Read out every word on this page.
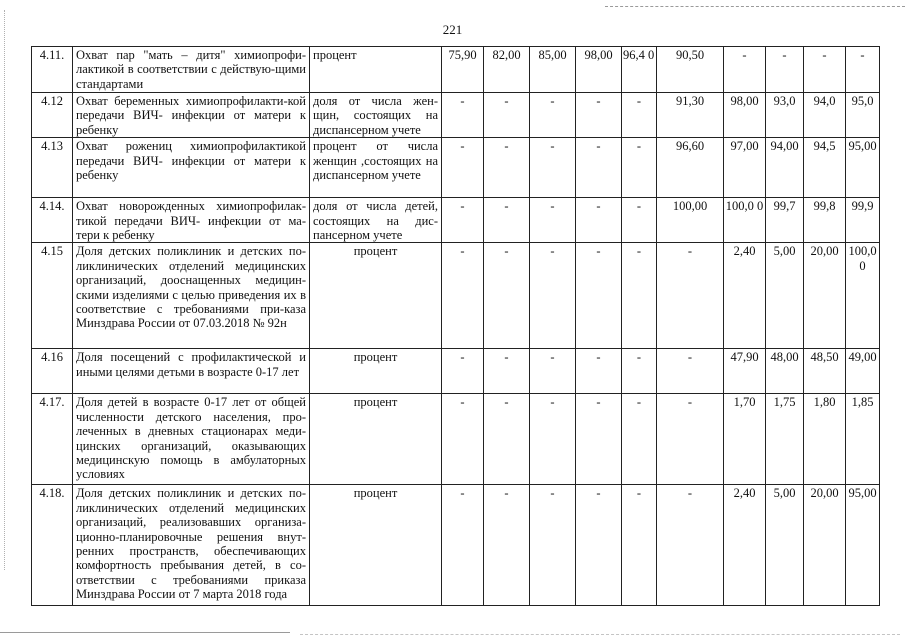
221
4.11.	Охват пар "мать – дитя" химиопрофи-лактикой в соответствии с действую-щими стандартами	процент	75,90	82,00	85,00	98,00	96,4 0	90,50	-	-	-	-
4.12	Охват беременных химиопрофилакти-кой передачи ВИЧ- инфекции от матери к ребенку	доля от числа жен-щин, состоящих на диспансерном учете	-	-	-	-	-	91,30	98,00	93,0	94,0	95,0
4.13	Охват рожениц химиопрофилактикой передачи ВИЧ- инфекции от матери к ребенку	процент от числа женщин ,состоящих на диспансерном учете	-	-	-	-	-	96,60	97,00	94,00	94,5	95,00
4.14.	Охват новорожденных химиопрофилак-тикой передачи ВИЧ- инфекции от ма-тери к ребенку	доля от числа детей, состоящих на дис-пансерном учете	-	-	-	-	-	100,00	100,0 0	99,7	99,8	99,9
4.15	Доля детских поликлиник и детских по-ликлинических отделений медицинских организаций, дооснащенных медицин-скими изделиями с целью приведения их в соответствие с требованиями при-каза Минздрава России от 07.03.2018 № 92н	процент	-	-	-	-	-	-	2,40	5,00	20,00	100,0 0
4.16	Доля посещений с профилактической и иными целями детьми в возрасте 0-17 лет	процент	-	-	-	-	-	-	47,90	48,00	48,50	49,00
4.17.	Доля детей в возрасте 0-17 лет от общей численности детского населения, про-леченных в дневных стационарах меди-цинских организаций, оказывающих медицинскую помощь в амбулаторных условиях	процент	-	-	-	-	-	-	1,70	1,75	1,80	1,85
4.18.	Доля детских поликлиник и детских по-ликлинических отделений медицинских организаций, реализовавших организа-ционно-планировочные решения внут-ренних пространств, обеспечивающих комфортность пребывания детей, в со-ответствии с требованиями приказа Минздрава России от 7 марта 2018 года	процент	-	-	-	-	-	-	2,40	5,00	20,00	95,00
